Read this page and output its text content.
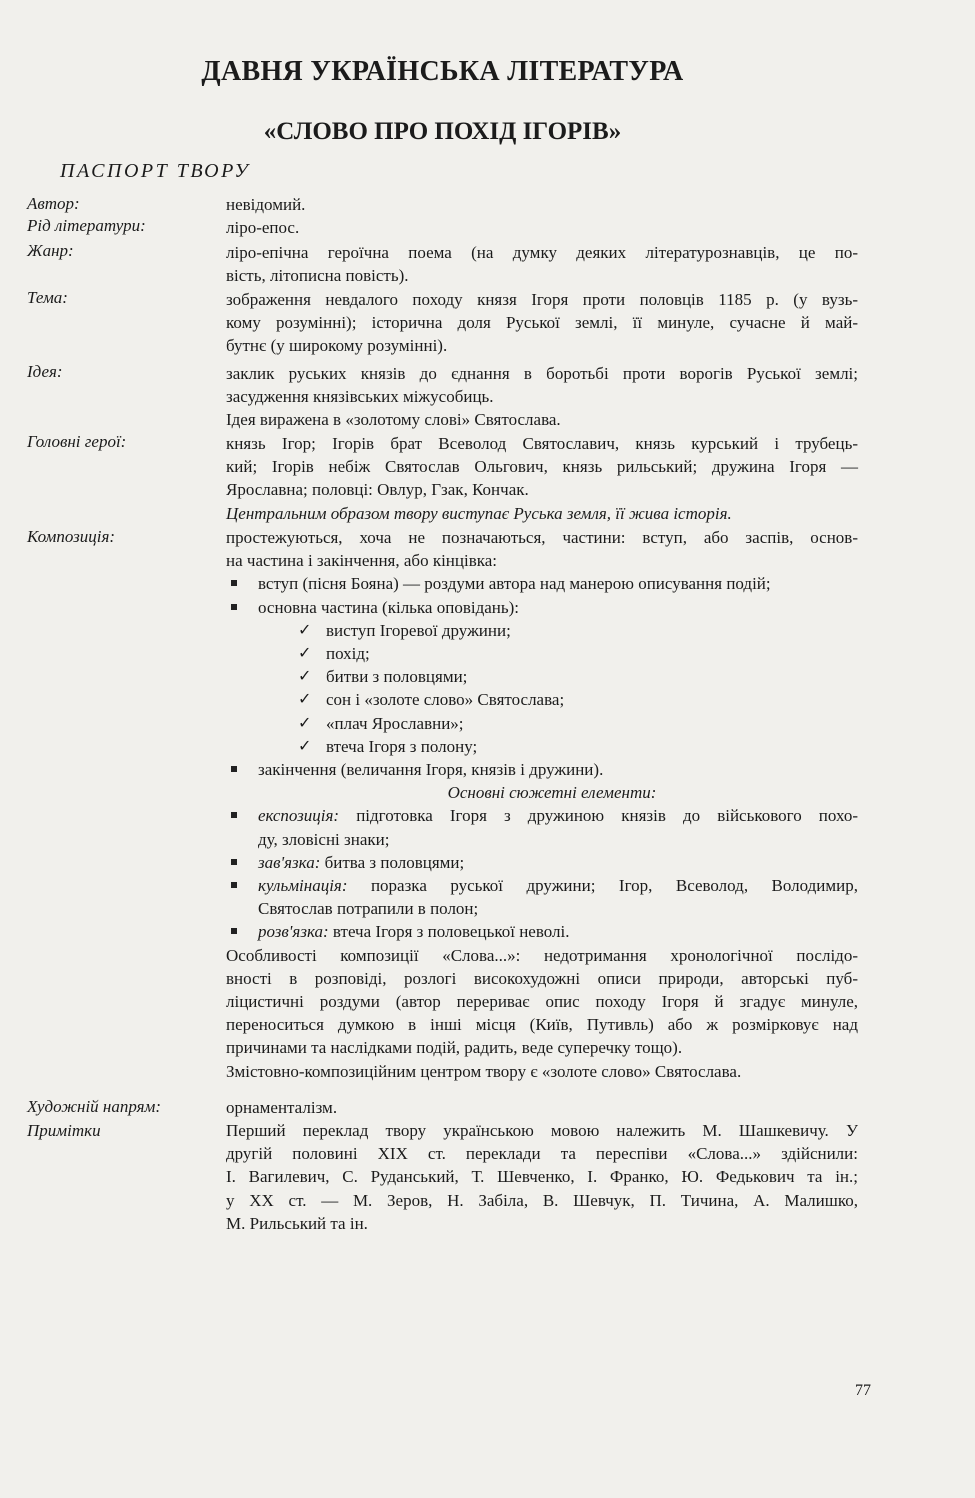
ДАВНЯ УКРАЇНСЬКА ЛІТЕРАТУРА
«СЛОВО ПРО ПОХІД ІГОРІВ»
ПАСПОРТ ТВОРУ
Автор:
Рід літератури:
Жанр:
Тема:
Ідея:
Головні герої:
Композиція:
Художній напрям:
Примітки

невідомий.

ліро-епос.

ліро-епічна героїчна поема (на думку деяких літературознавців, це по-
вість, літописна повість).
зображення невдалого походу князя Ігоря проти половців 1185 р. (у вузь-
кому розумінні); історична доля Руської землі, її минуле, сучасне й май-
бутнє (у широкому розумінні).
заклик руських князів до єднання в боротьбі проти ворогів Руської землі;
засудження князівських міжусобиць.
Ідея виражена в «золотому слові» Святослава.
князь Ігор; Ігорів брат Всеволод Святославич, князь курський і трубець-
кий; Ігорів небіж Святослав Ольгович, князь рильський; дружина Ігоря —
Ярославна; половці: Овлур, Гзак, Кончак.
Центральним образом твору виступає Руська земля, її жива історія.
простежуються, хоча не позначаються, частини: вступ, або заспів, основ-
на частина і закінчення, або кінцівка:
вступ (пісня Бояна) — роздуми автора над манерою описування подій;
основна частина (кілька оповідань):
✓ виступ Ігоревої дружини;
✓ похід;
✓ битви з половцями;
✓ сон і «золоте слово» Святослава;
✓ «плач Ярославни»;
✓ втеча Ігоря з полону;
закінчення (величання Ігоря, князів і дружини).
Основні сюжетні елементи:
експозиція: підготовка Ігоря з дружиною князів до військового похо-
ду, зловісні знаки;
зав'язка: битва з половцями;
кульмінація: поразка руської дружини; Ігор, Всеволод, Володимир,
Святослав потрапили в полон;
розв'язка: втеча Ігоря з половецької неволі.
Особливості композиції «Слова...»: недотримання хронологічної послідо-
вності в розповіді, розлогі високохудожні описи природи, авторські пуб-
ліцистичні роздуми (автор перериває опис походу Ігоря й згадує минуле,
переноситься думкою в інші місця (Київ, Путивль) або ж розмірковує над
причинами та наслідками подій, радить, веде суперечку тощо).
Змістовно-композиційним центром твору є «золоте слово» Святослава.

орнаменталізм.

Перший переклад твору українською мовою належить М. Шашкевичу. У
другій половині XIX ст. переклади та переспіви «Слова...» здійснили:
І. Вагилевич, С. Руданський, Т. Шевченко, І. Франко, Ю. Федькович та ін.;
у XX ст. — М. Зеров, Н. Забіла, В. Шевчук, П. Тичина, А. Малишко,
М. Рильський та ін.
77
